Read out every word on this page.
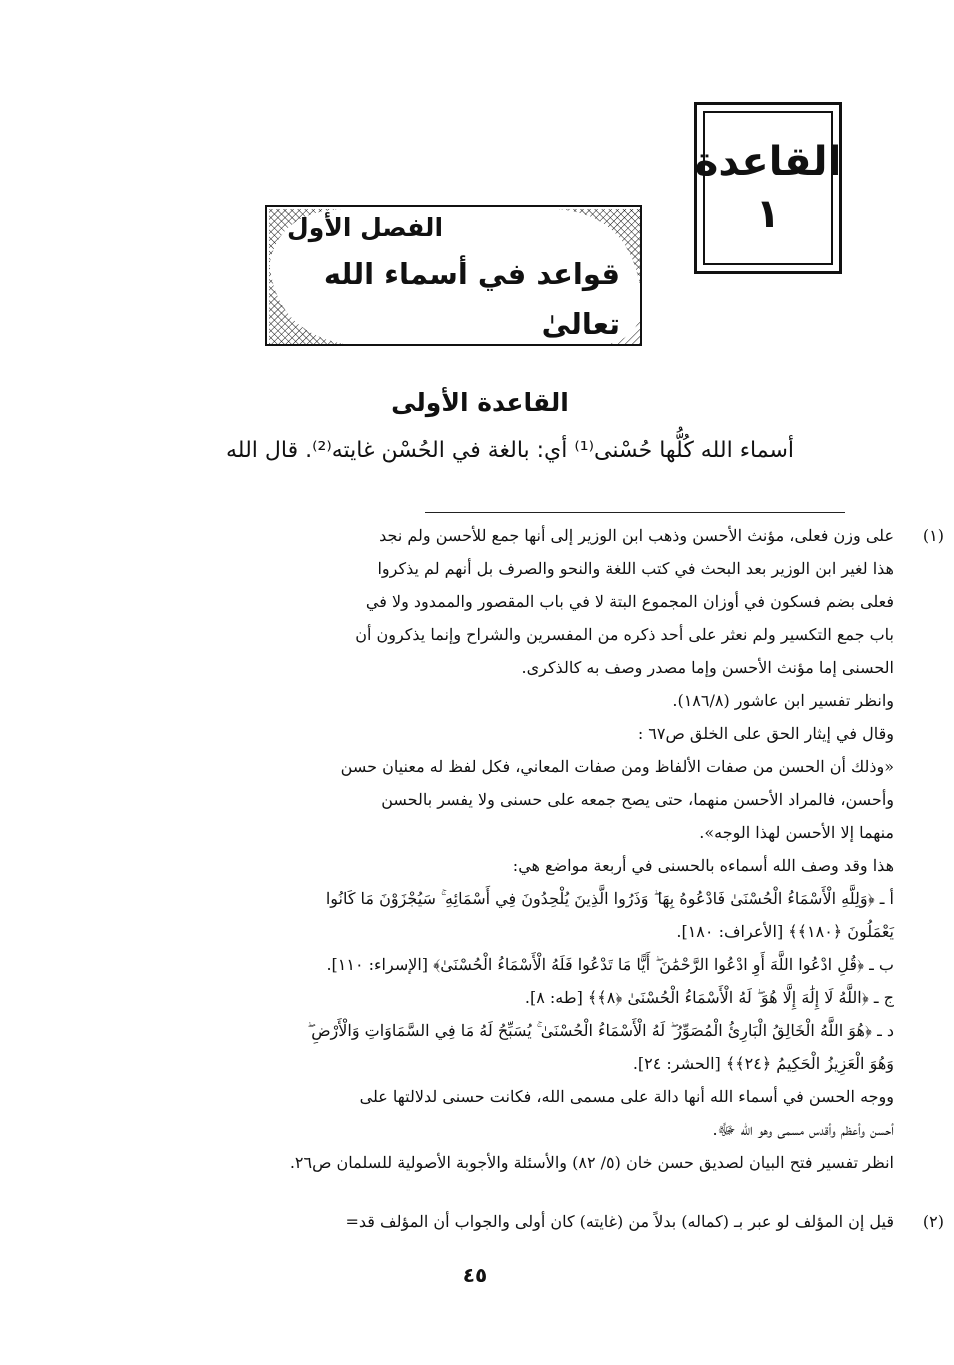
القاعدة
١
الفصل الأول
قواعد في أسماء الله تعالىٰ
القاعدة الأولى
أسماء الله كُلُّها حُسْنى⁽¹⁾ أي: بالغة في الحُسْن غايته⁽²⁾. قال الله
(١)

على وزن فعلى، مؤنث الأحسن وذهب ابن الوزير إلى أنها جمع للأحسن ولم نجد

هذا لغير ابن الوزير بعد البحث في كتب اللغة والنحو والصرف بل أنهم لم يذكروا

فعلى بضم فسكون في أوزان المجموع البتة لا في باب المقصور والممدود ولا في

باب جمع التكسير ولم نعثر على أحد ذكره من المفسرين والشراح وإنما يذكرون أن

الحسنى إما مؤنث الأحسن وإما مصدر وصف به كالذكرى.

وانظر تفسير ابن عاشور (١٨٦/٨).

وقال في إيثار الحق على الخلق ص٦٧ :

«وذلك أن الحسن من صفات الألفاظ ومن صفات المعاني، فكل لفظ له معنيان حسن

وأحسن، فالمراد الأحسن منهما، حتى يصح جمعه على حسنى ولا يفسر بالحسن

منهما إلا الأحسن لهذا الوجه».

هذا وقد وصف الله أسماءه بالحسنى في أربعة مواضع هي:

أ ـ ﴿وَلِلَّهِ الْأَسْمَاءُ الْحُسْنَىٰ فَادْعُوهُ بِهَا ۖ وَذَرُوا الَّذِينَ يُلْحِدُونَ فِي أَسْمَائِهِ ۚ سَيُجْزَوْنَ مَا كَانُوا

يَعْمَلُونَ ﴿١٨٠﴾﴾ [الأعراف: ١٨٠].

ب ـ ﴿قُلِ ادْعُوا اللَّهَ أَوِ ادْعُوا الرَّحْمَٰنَ ۖ أَيًّا مَا تَدْعُوا فَلَهُ الْأَسْمَاءُ الْحُسْنَىٰ﴾ [الإسراء: ١١٠].

ج ـ ﴿اللَّهُ لَا إِلَٰهَ إِلَّا هُوَ ۖ لَهُ الْأَسْمَاءُ الْحُسْنَىٰ ﴿٨﴾﴾ [طه: ٨].

د ـ ﴿هُوَ اللَّهُ الْخَالِقُ الْبَارِئُ الْمُصَوِّرُ ۖ لَهُ الْأَسْمَاءُ الْحُسْنَىٰ ۚ يُسَبِّحُ لَهُ مَا فِي السَّمَاوَاتِ وَالْأَرْضِ ۖ

وَهُوَ الْعَزِيزُ الْحَكِيمُ ﴿٢٤﴾﴾ [الحشر: ٢٤].

ووجه الحسن في أسماء الله أنها دالة على مسمى الله، فكانت حسنى لدلالتها على

أحسن وأعظم وأقدس مسمى وهو الله ﷻ.

انظر تفسير فتح البيان لصديق حسن خان (٥/ ٨٢) والأسئلة والأجوبة الأصولية للسلمان ص٢٦.

(٢)

قيل إن المؤلف لو عبر بـ (كماله) بدلاً من (غايته) كان أولى والجواب أن المؤلف قد=

٤٥
